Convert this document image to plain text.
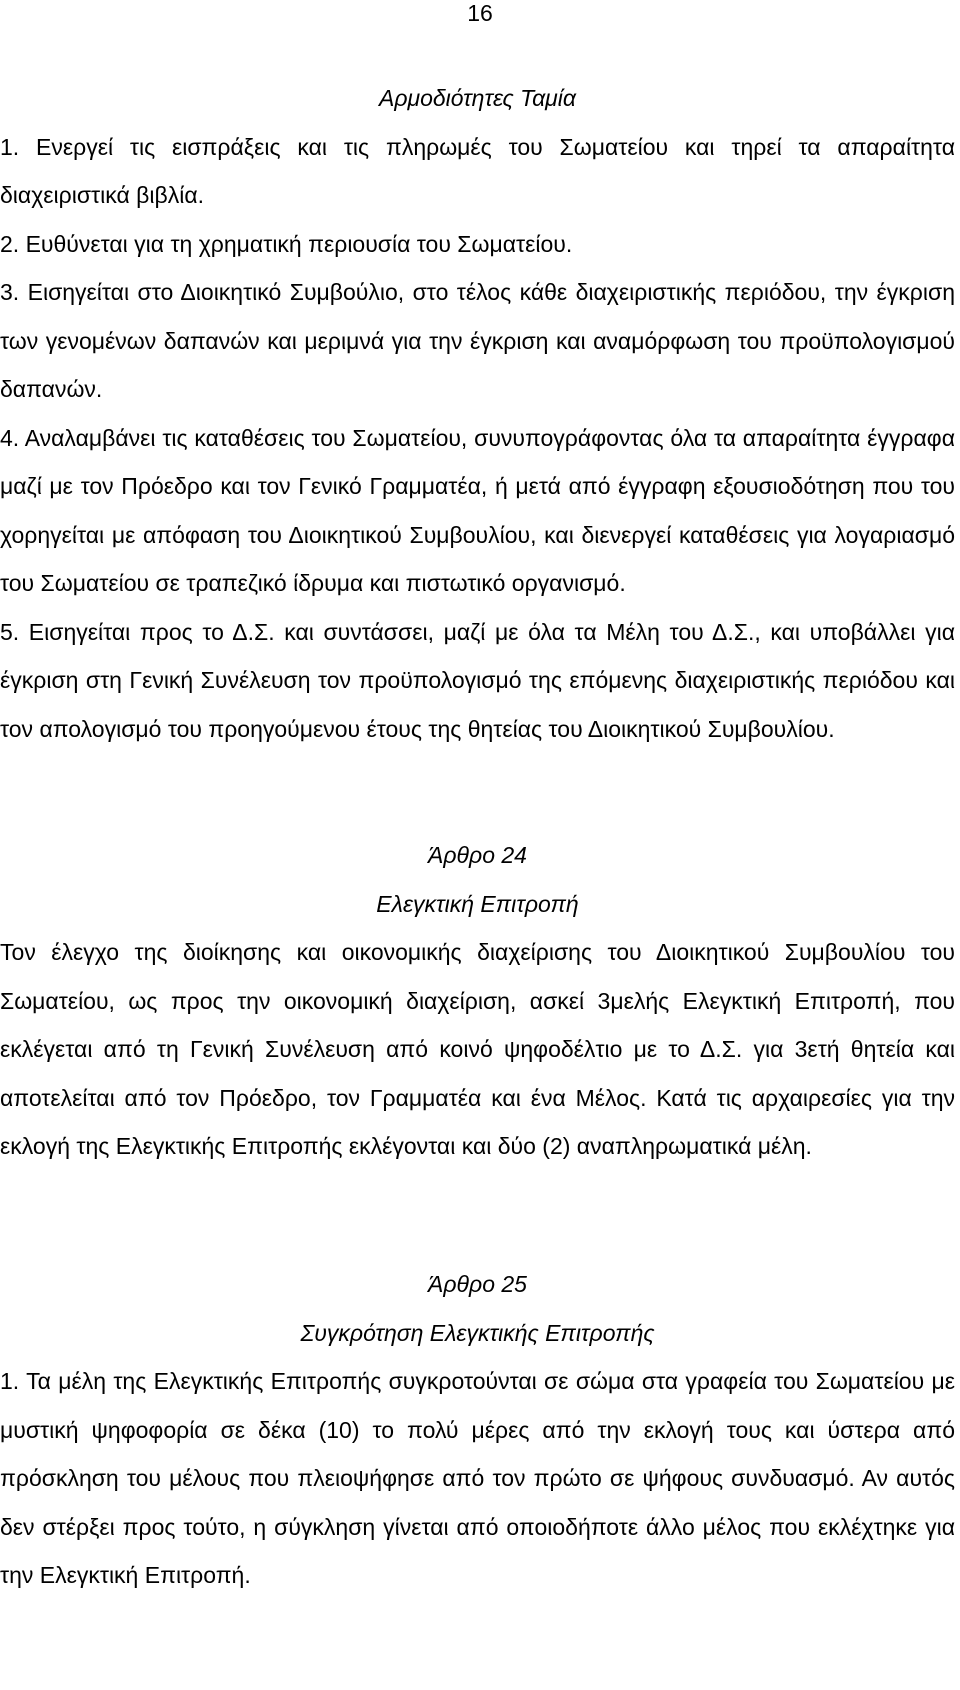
16
Αρμοδιότητες Ταμία
1. Ενεργεί τις εισπράξεις και τις πληρωμές του Σωματείου και τηρεί τα απαραίτητα διαχειριστικά βιβλία.
2. Ευθύνεται για τη χρηματική περιουσία του Σωματείου.
3. Εισηγείται στο Διοικητικό Συμβούλιο, στο τέλος κάθε διαχειριστικής περιόδου, την έγκριση των γενομένων δαπανών και μεριμνά για την έγκριση και αναμόρφωση του προϋπολογισμού δαπανών.
4. Αναλαμβάνει τις καταθέσεις του Σωματείου, συνυπογράφοντας όλα τα απαραίτητα έγγραφα μαζί με τον Πρόεδρο και τον Γενικό Γραμματέα, ή μετά από έγγραφη εξουσιοδότηση που του χορηγείται με απόφαση του Διοικητικού Συμβουλίου, και διενεργεί καταθέσεις για λογαριασμό του Σωματείου σε τραπεζικό ίδρυμα και πιστωτικό οργανισμό.
5. Εισηγείται προς το Δ.Σ. και συντάσσει, μαζί με όλα τα Μέλη του Δ.Σ., και υποβάλλει για έγκριση στη Γενική Συνέλευση τον προϋπολογισμό της επόμενης διαχειριστικής περιόδου και τον απολογισμό του προηγούμενου έτους της θητείας του Διοικητικού Συμβουλίου.
Άρθρο 24
Ελεγκτική Επιτροπή
Τον έλεγχο της διοίκησης και οικονομικής διαχείρισης του Διοικητικού Συμβουλίου του Σωματείου, ως προς την οικονομική διαχείριση, ασκεί 3μελής Ελεγκτική Επιτροπή, που εκλέγεται από τη Γενική Συνέλευση από κοινό ψηφοδέλτιο με το Δ.Σ. για 3ετή θητεία και αποτελείται από τον Πρόεδρο, τον Γραμματέα και ένα Μέλος. Κατά τις αρχαιρεσίες για την εκλογή της Ελεγκτικής Επιτροπής εκλέγονται και δύο (2) αναπληρωματικά μέλη.
Άρθρο 25
Συγκρότηση Ελεγκτικής Επιτροπής
1. Τα μέλη της Ελεγκτικής Επιτροπής συγκροτούνται σε σώμα στα γραφεία του Σωματείου με μυστική ψηφοφορία σε δέκα (10) το πολύ μέρες από την εκλογή τους και ύστερα από πρόσκληση του μέλους που πλειοψήφησε από τον πρώτο σε ψήφους συνδυασμό. Αν αυτός δεν στέρξει προς τούτο, η σύγκληση γίνεται από οποιοδήποτε άλλο μέλος που εκλέχτηκε για την Ελεγκτική Επιτροπή.
